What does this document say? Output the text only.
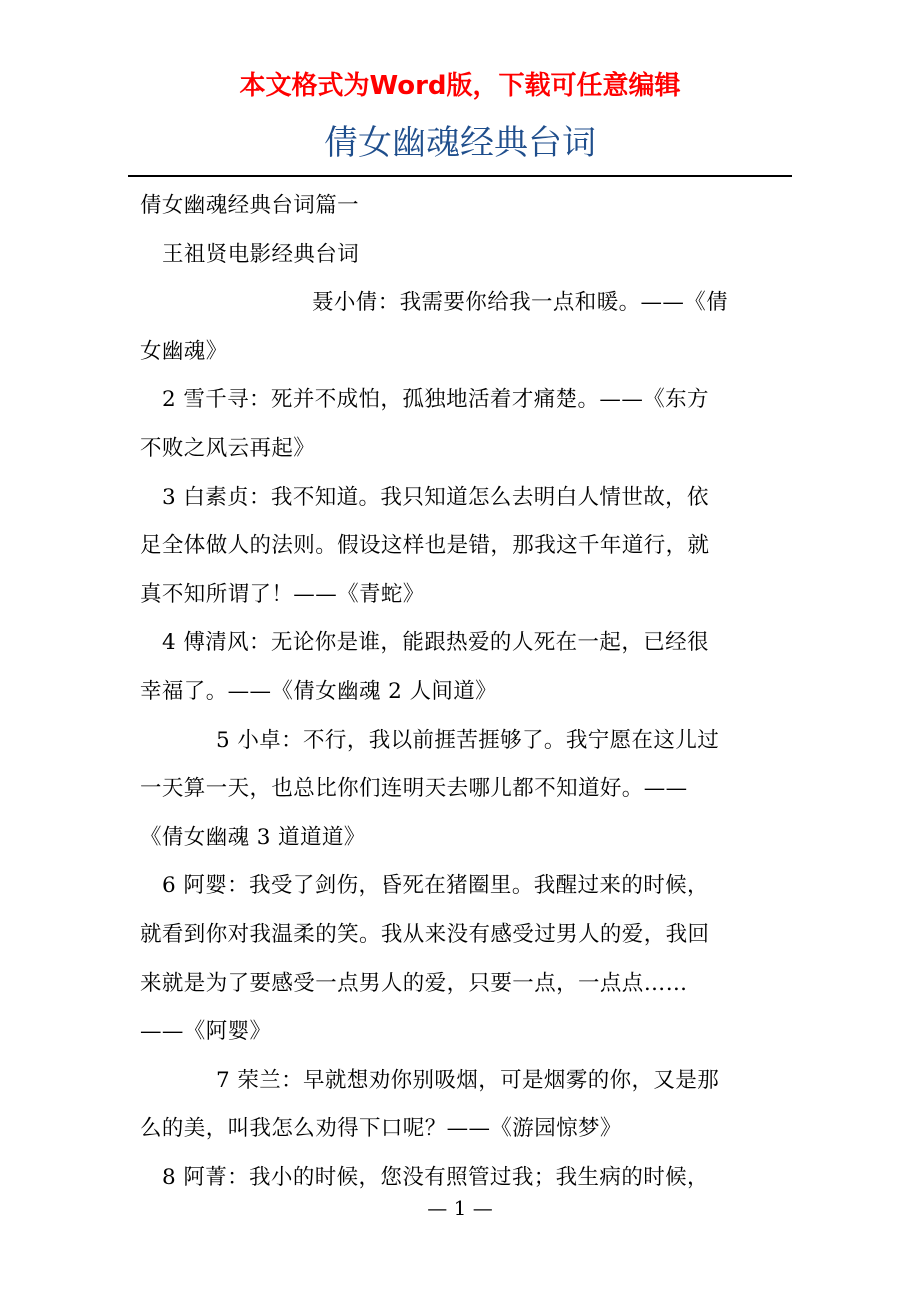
本文格式为Word版，下载可任意编辑
倩女幽魂经典台词
倩女幽魂经典台词篇一
王祖贤电影经典台词

聂小倩：我需要你给我一点和暖。——《倩
女幽魂》

2 雪千寻：死并不成怕，孤独地活着才痛楚。——《东方
不败之风云再起》

3 白素贞：我不知道。我只知道怎么去明白人情世故，依
足全体做人的法则。假设这样也是错，那我这千年道行，就
真不知所谓了！——《青蛇》

4 傅清风：无论你是谁，能跟热爱的人死在一起，已经很
幸福了。——《倩女幽魂 2 人间道》

5 小卓：不行，我以前捱苦捱够了。我宁愿在这儿过
一天算一天，也总比你们连明天去哪儿都不知道好。——
《倩女幽魂 3 道道道》

6 阿婴：我受了剑伤，昏死在猪圈里。我醒过来的时候，
就看到你对我温柔的笑。我从来没有感受过男人的爱，我回
来就是为了要感受一点男人的爱，只要一点，一点点……
——《阿婴》

7 荣兰：早就想劝你别吸烟，可是烟雾的你，又是那
么的美，叫我怎么劝得下口呢？——《游园惊梦》

8 阿菁：我小的时候，您没有照管过我；我生病的时候，

— 1 —
